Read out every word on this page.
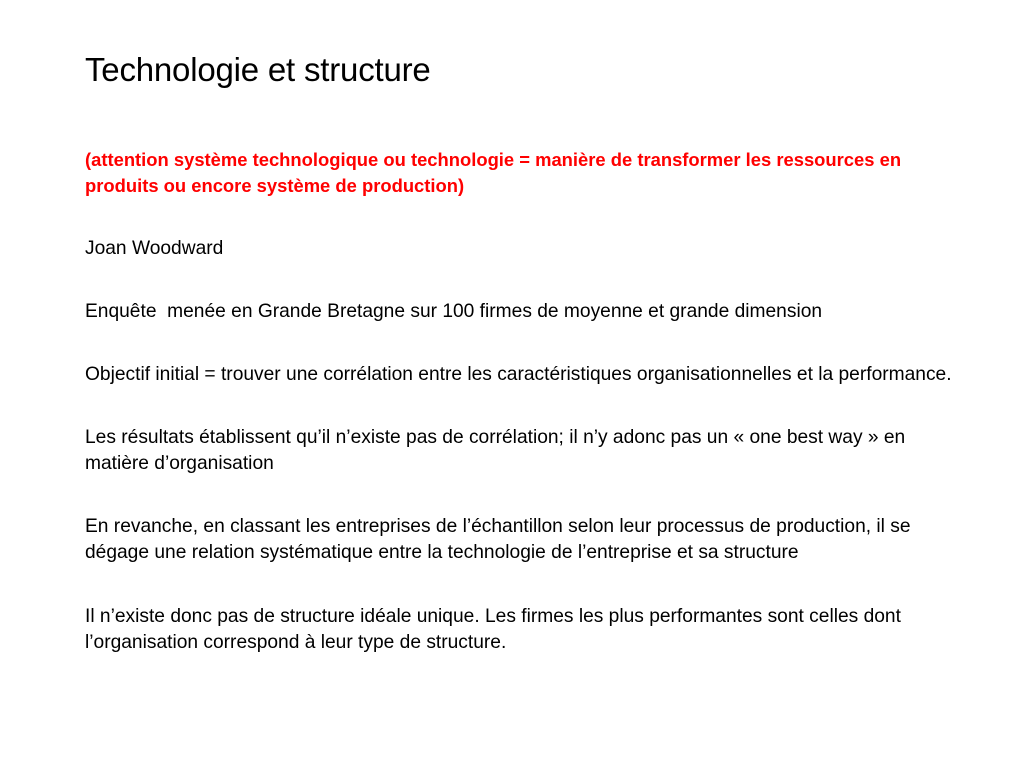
Technologie et structure

(attention système technologique ou technologie = manière de transformer les ressources en produits ou encore système de production)

Joan Woodward

Enquête  menée en Grande Bretagne sur 100 firmes de moyenne et grande dimension

Objectif initial = trouver une corrélation entre les caractéristiques organisationnelles et la performance.

Les résultats établissent qu’il n’existe pas de corrélation; il n’y adonc pas un « one best way » en matière d’organisation

En revanche, en classant les entreprises de l’échantillon selon leur processus de production, il se dégage une relation systématique entre la technologie de l’entreprise et sa structure

Il n’existe donc pas de structure idéale unique. Les firmes les plus performantes sont celles dont l’organisation correspond à leur type de structure.
